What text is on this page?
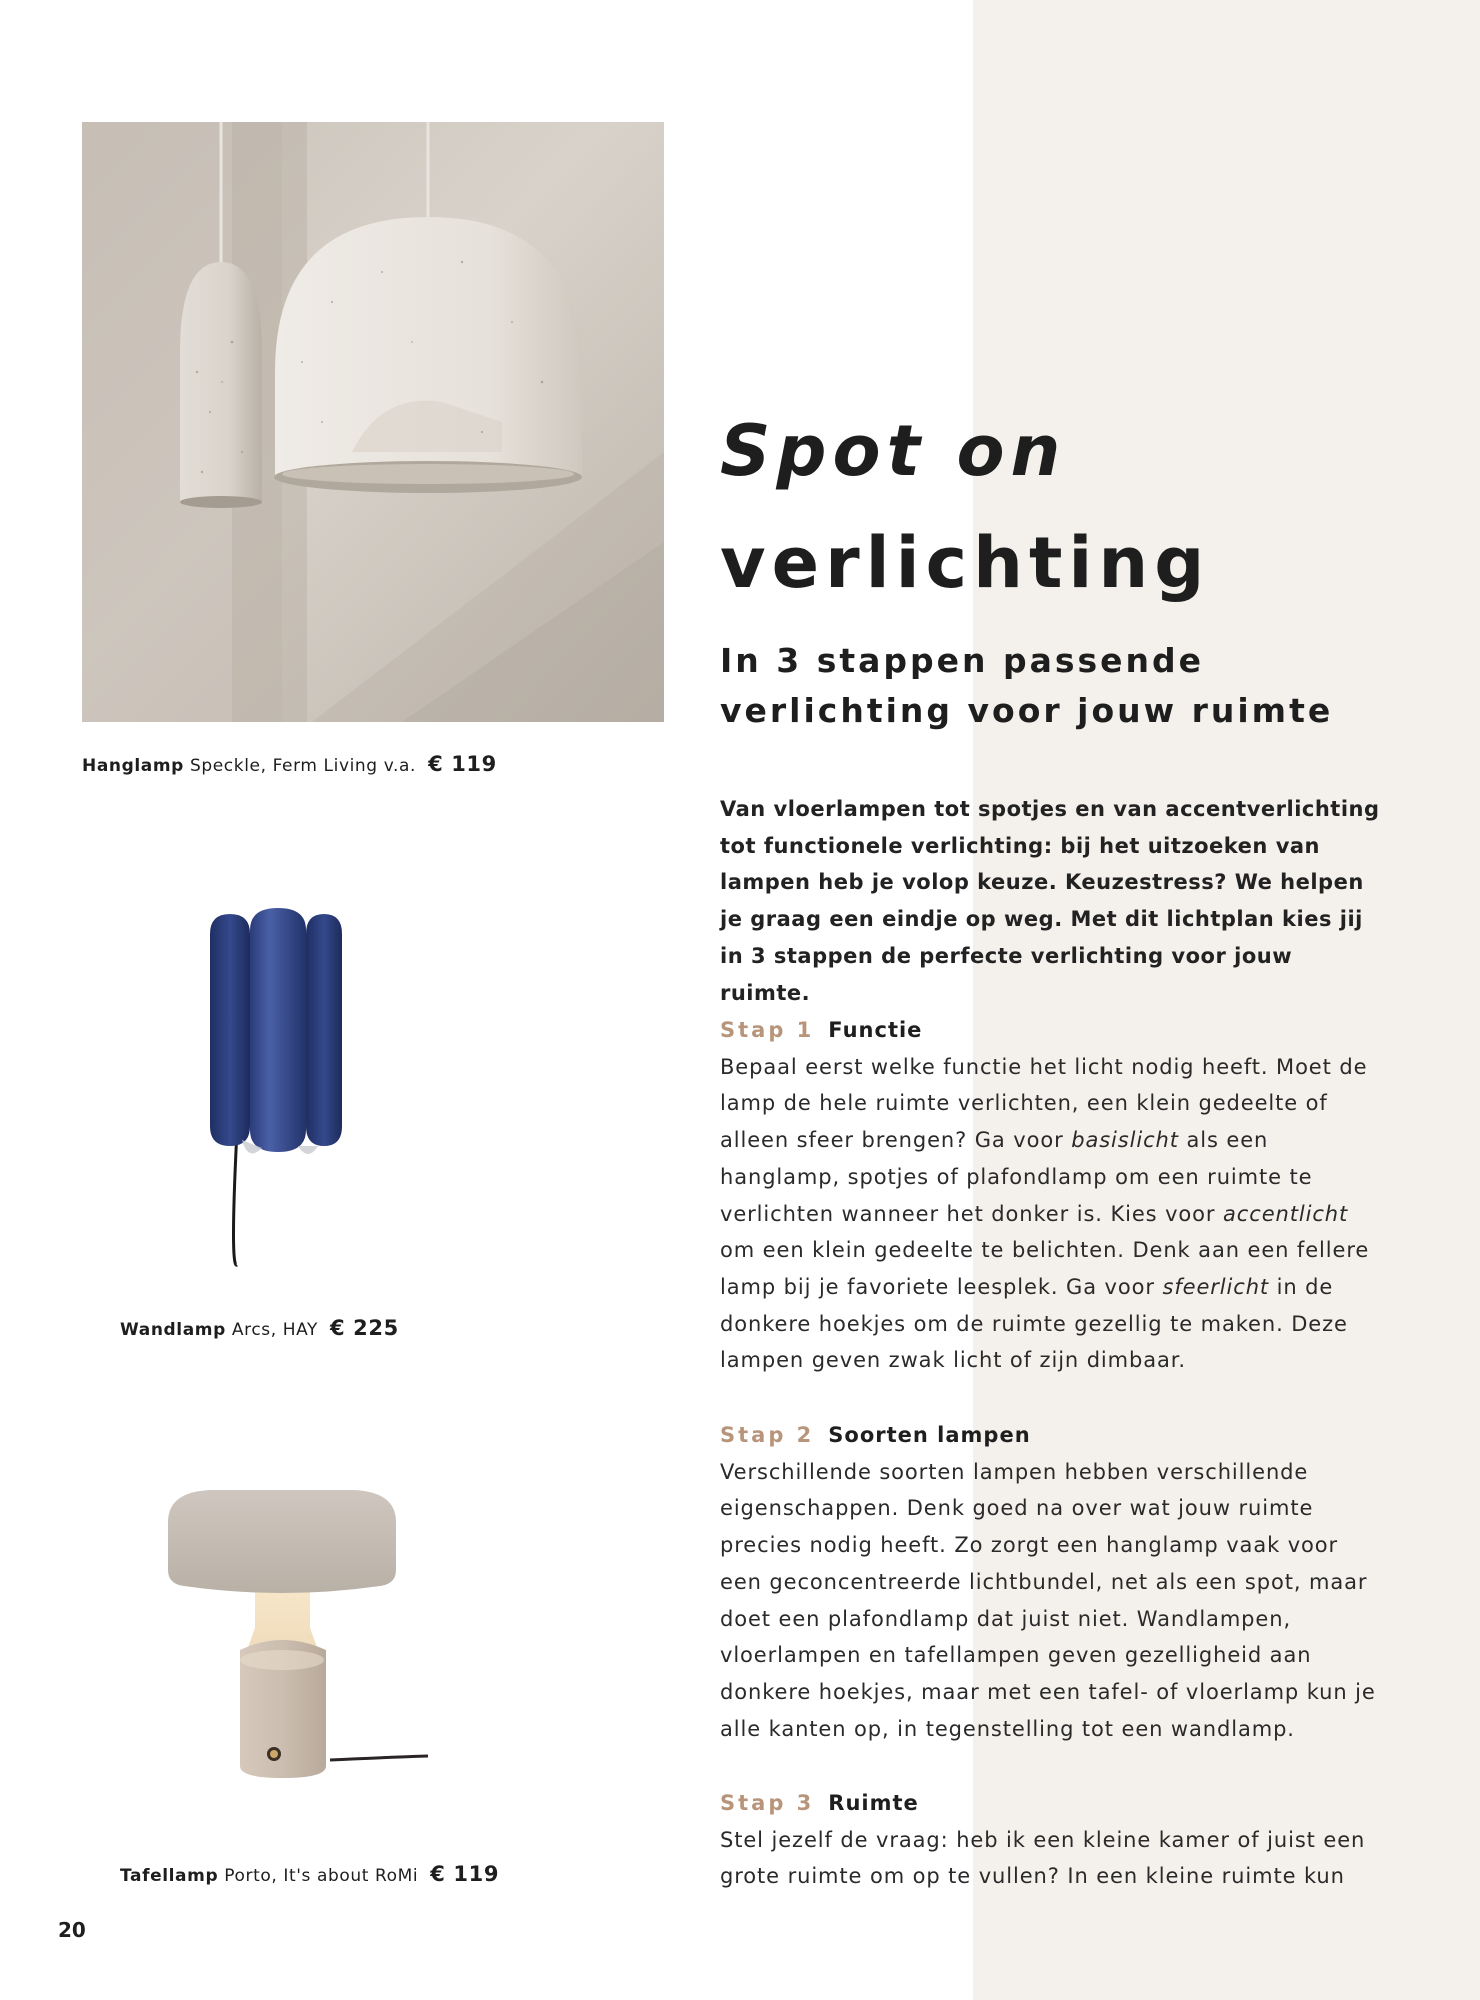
Hanglamp Speckle, Ferm Living v.a. € 119
Wandlamp Arcs, HAY € 225
Tafellamp Porto, It's about RoMi € 119
20
Spot on
verlichting
In 3 stappen passende
verlichting voor jouw ruimte

Van vloerlampen tot spotjes en van accentverlichting tot functionele verlichting: bij het uitzoeken van lampen heb je volop keuze. Keuzestress? We helpen je graag een eindje op weg. Met dit lichtplan kies jij in 3 stappen de perfecte verlichting voor jouw ruimte.

Stap 1 Functie
Bepaal eerst welke functie het licht nodig heeft. Moet de lamp de hele ruimte verlichten, een klein gedeelte of alleen sfeer brengen? Ga voor basislicht als een hanglamp, spotjes of plafondlamp om een ruimte te verlichten wanneer het donker is. Kies voor accentlicht om een klein gedeelte te belichten. Denk aan een fellere lamp bij je favoriete leesplek. Ga voor sfeerlicht in de donkere hoekjes om de ruimte gezellig te maken. Deze lampen geven zwak licht of zijn dimbaar.
Stap 2 Soorten lampen
Verschillende soorten lampen hebben verschillende eigenschappen. Denk goed na over wat jouw ruimte precies nodig heeft. Zo zorgt een hanglamp vaak voor een geconcentreerde lichtbundel, net als een spot, maar doet een plafondlamp dat juist niet. Wandlampen, vloerlampen en tafellampen geven gezelligheid aan donkere hoekjes, maar met een tafel- of vloerlamp kun je alle kanten op, in tegenstelling tot een wandlamp.
Stap 3 Ruimte
Stel jezelf de vraag: heb ik een kleine kamer of juist een grote ruimte om op te vullen? In een kleine ruimte kun
